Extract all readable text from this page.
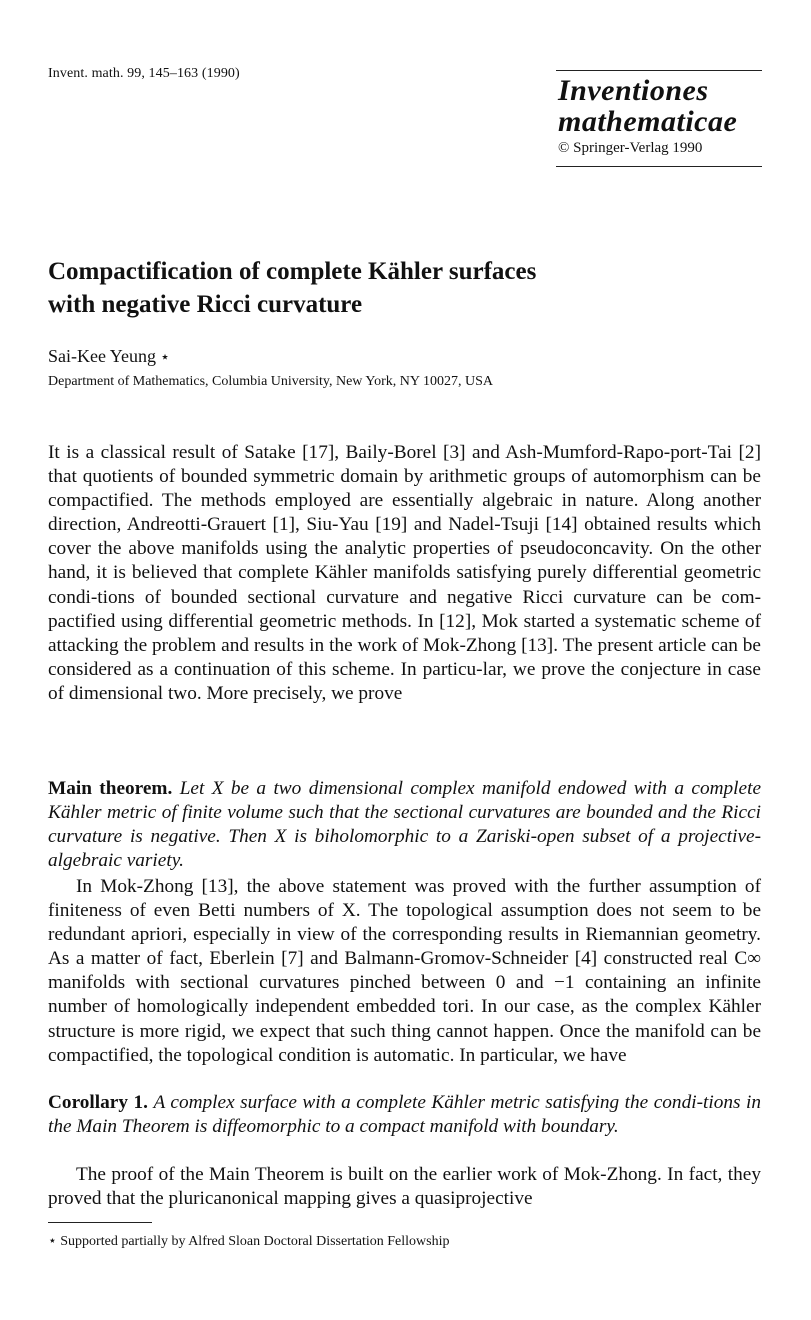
Invent. math. 99, 145–163 (1990)
Inventiones
mathematicae
© Springer-Verlag 1990
Compactification of complete Kähler surfaces
with negative Ricci curvature
Sai-Kee Yeung ⋆
Department of Mathematics, Columbia University, New York, NY 10027, USA
It is a classical result of Satake [17], Baily-Borel [3] and Ash-Mumford-Rapo-port-Tai [2] that quotients of bounded symmetric domain by arithmetic groups of automorphism can be compactified. The methods employed are essentially algebraic in nature. Along another direction, Andreotti-Grauert [1], Siu-Yau [19] and Nadel-Tsuji [14] obtained results which cover the above manifolds using the analytic properties of pseudoconcavity. On the other hand, it is believed that complete Kähler manifolds satisfying purely differential geometric condi-tions of bounded sectional curvature and negative Ricci curvature can be com-pactified using differential geometric methods. In [12], Mok started a systematic scheme of attacking the problem and results in the work of Mok-Zhong [13]. The present article can be considered as a continuation of this scheme. In particu-lar, we prove the conjecture in case of dimensional two. More precisely, we prove
Main theorem. Let X be a two dimensional complex manifold endowed with a complete Kähler metric of finite volume such that the sectional curvatures are bounded and the Ricci curvature is negative. Then X is biholomorphic to a Zariski-open subset of a projective-algebraic variety.
In Mok-Zhong [13], the above statement was proved with the further assumption of finiteness of even Betti numbers of X. The topological assumption does not seem to be redundant apriori, especially in view of the corresponding results in Riemannian geometry. As a matter of fact, Eberlein [7] and Balmann-Gromov-Schneider [4] constructed real C∞ manifolds with sectional curvatures pinched between 0 and −1 containing an infinite number of homologically independent embedded tori. In our case, as the complex Kähler structure is more rigid, we expect that such thing cannot happen. Once the manifold can be compactified, the topological condition is automatic. In particular, we have
Corollary 1. A complex surface with a complete Kähler metric satisfying the condi-tions in the Main Theorem is diffeomorphic to a compact manifold with boundary.
The proof of the Main Theorem is built on the earlier work of Mok-Zhong. In fact, they proved that the pluricanonical mapping gives a quasiprojective
⋆ Supported partially by Alfred Sloan Doctoral Dissertation Fellowship
